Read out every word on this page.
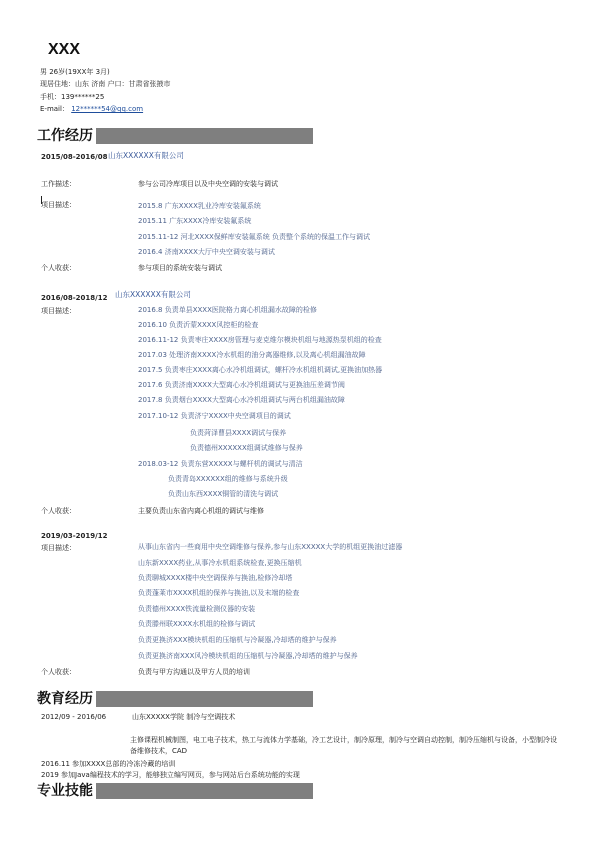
XXX
男 26岁(19XX年 3月)
现居住地：山东 济南 户口：甘肃省张掖市
手机：139******25
E-mail： 12******54@qq.com
工作经历
2015/08-2016/08 山东XXXXXX有限公司
工作描述：	参与公司冷库项目以及中央空调的安装与调试
项目描述：	2015.8 广东XXXX乳业冷库安装氟系统
2015.11 广东XXXX冷库安装氟系统
2015.11-12 河北XXXX保鲜库安装氟系统 负责整个系统的保温工作与调试
2016.4 济南XXXX大厅中央空调安装与调试
个人收获：	参与项目的系统安装与调试
2016/08-2018/12 山东XXXXXX有限公司
项目描述：	2016.8 负责单县XXXX医院格力离心机组漏水故障的检修
2016.10 负责沂蒙XXXX风控柜的检查
2016.11-12 负责枣庄XXXX房管理与麦克维尔模块机组与地源热泵机组的检查
2017.03 处理济南XXXX冷水机组的油分离器维修,以及离心机组漏油故障
2017.5 负责枣庄XXXX离心水冷机组调试，螺杆冷水机组机调试,更换油加热器
2017.6 负责济南XXXX大型离心水冷机组调试与更换油压差调节阀
2017.8 负责烟台XXXX大型离心水冷机组调试与两台机组漏油故障
2017.10-12 负责济宁XXXX中央空调项目的调试
负责菏泽曹县XXXX调试与保养
负责德州XXXXXX组调试维修与保养
2018.03-12 负责东营XXXXX与螺杆机的调试与清洁
负责青岛XXXXXX组的维修与系统升级
负责山东西XXXX铜管的清洗与调试
个人收获：	主要负责山东省内离心机组的调试与维修
2019/03-2019/12
项目描述：	从事山东省内一些商用中央空调维修与保养,参与山东XXXXX大学的机组更换油过滤器
山东新XXXX药业,从事冷水机组系统检查,更换压缩机
负责聊城XXXX楼中央空调保养与换油,检修冷却塔
负责蓬莱市XXXX机组的保养与换油,以及末端的检查
负责德州XXXX铁流量检测仪器的安装
负责滕州联XXXX水机组的检修与调试
负责更换济XXX模块机组的压缩机与冷凝器,冷却塔的维护与保养
负责更换济南XXX风冷模块机组的压缩机与冷凝器,冷却塔的维护与保养
个人收获：	负责与甲方沟通以及甲方人员的培训
教育经历
2012/09 - 2016/06	山东XXXXX学院 制冷与空调技术
主修课程机械制图，电工电子技术，热工与流体力学基础，冷工艺设计，制冷原理，制冷与空调自动控制，制冷压缩机与设备，小型制冷设备维修技术，CAD
2016.11 参加XXXX总部的冷冻冷藏的培训
2019 参加Java编程技术的学习，能够独立编写网页，参与网站后台系统功能的实现
专业技能
